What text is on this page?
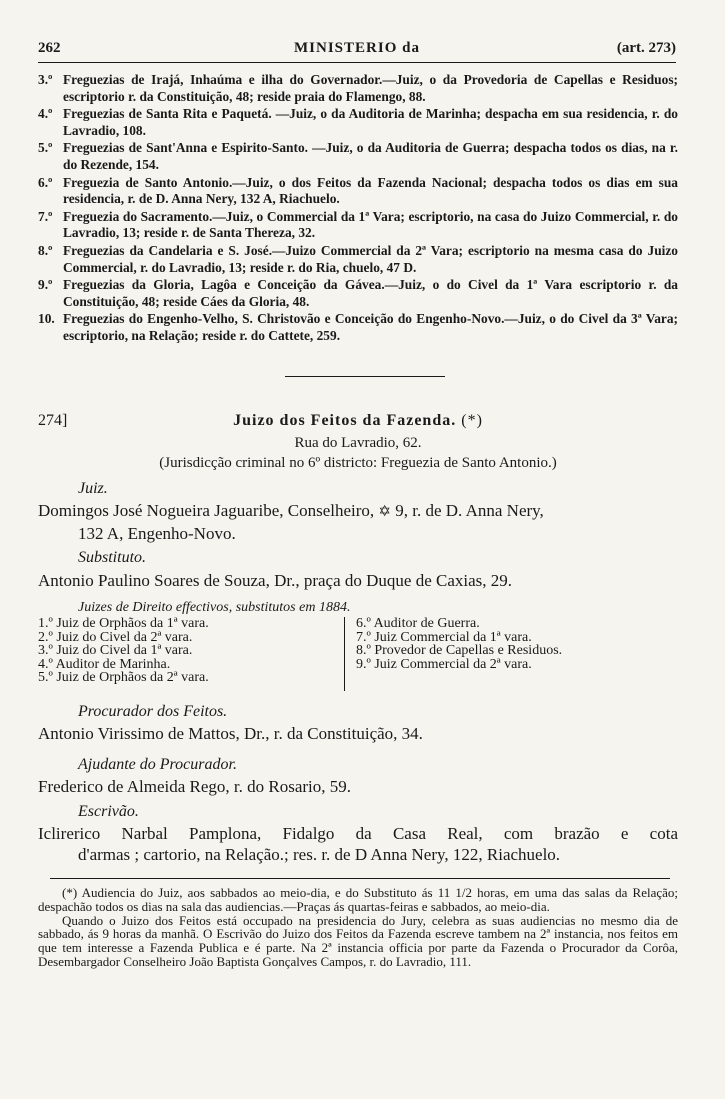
262	MINISTERIO da	(art. 273)
3.º Freguezias de Irajá, Inhaúma e ilha do Governador.—Juiz, o da Provedoria de Capellas e Residuos; escriptorio r. da Constituição, 48; reside praia do Flamengo, 88.
4.º Freguezias de Santa Rita e Paquetá. —Juiz, o da Auditoria de Marinha; despacha em sua residencia, r. do Lavradio, 108.
5.º Freguezias de Sant'Anna e Espirito-Santo. —Juiz, o da Auditoria de Guerra; despacha todos os dias, na r. do Rezende, 154.
6.º Freguezia de Santo Antonio.—Juiz, o dos Feitos da Fazenda Nacional; despacha todos os dias em sua residencia, r. de D. Anna Nery, 132 A, Riachuelo.
7.º Freguezia do Sacramento.—Juiz, o Commercial da 1ª Vara; escriptorio, na casa do Juizo Commercial, r. do Lavradio, 13; reside r. de Santa Thereza, 32.
8.º Freguezias da Candelaria e S. José.—Juizo Commercial da 2ª Vara; escriptorio na mesma casa do Juizo Commercial, r. do Lavradio, 13; reside r. do Ria, chuelo, 47 D.
9.º Freguezias da Gloria, Lagôa e Conceição da Gávea.—Juiz, o do Civel da 1ª Vara escriptorio r. da Constituição, 48; reside Cáes da Gloria, 48.
10. Freguezias do Engenho-Velho, S. Christovão e Conceição do Engenho-Novo.—Juiz, o do Civel da 3ª Vara; escriptorio, na Relação; reside r. do Cattete, 259.
274]	Juizo dos Feitos da Fazenda. (*)
Rua do Lavradio, 62.
(Jurisdicção criminal no 6º districto: Freguezia de Santo Antonio.)
Juiz.
Domingos José Nogueira Jaguaribe, Conselheiro, ✡ 9, r. de D. Anna Nery,
132 A, Engenho-Novo.
Substituto.
Antonio Paulino Soares de Souza, Dr., praça do Duque de Caxias, 29.
Juizes de Direito effectivos, substitutos em 1884.
1.º Juiz de Orphãos da 1ª vara.
2.º Juiz do Civel da 2ª vara.
3.º Juiz do Civel da 1ª vara.
4.º Auditor de Marinha.
5.º Juiz de Orphãos da 2ª vara.
6.º Auditor de Guerra.
7.º Juiz Commercial da 1ª vara.
8.º Provedor de Capellas e Residuos.
9.º Juiz Commercial da 2ª vara.
Procurador dos Feitos.
Antonio Virissimo de Mattos, Dr., r. da Constituição, 34.
Ajudante do Procurador.
Frederico de Almeida Rego, r. do Rosario, 59.
Escrivão.
Iclirerico Narbal Pamplona, Fidalgo da Casa Real, com brazão e cota
d'armas ; cartorio, na Relação.; res. r. de D Anna Nery, 122, Riachuelo.

(*) Audiencia do Juiz, aos sabbados ao meio-dia, e do Substituto ás 11 1/2 horas, em uma das salas da Relação; despachão todos os dias na sala das audiencias.—Praças ás quartas-feiras e sabbados, ao meio-dia.

Quando o Juizo dos Feitos está occupado na presidencia do Jury, celebra as suas audiencias no mesmo dia de sabbado, ás 9 horas da manhã. O Escrivão do Juizo dos Feitos da Fazenda escreve tambem na 2ª instancia, nos feitos em que tem interesse a Fazenda Publica e é parte. Na 2ª instancia officia por parte da Fazenda o Procurador da Corôa, Desembargador Conselheiro João Baptista Gonçalves Campos, r. do Lavradio, 111.
